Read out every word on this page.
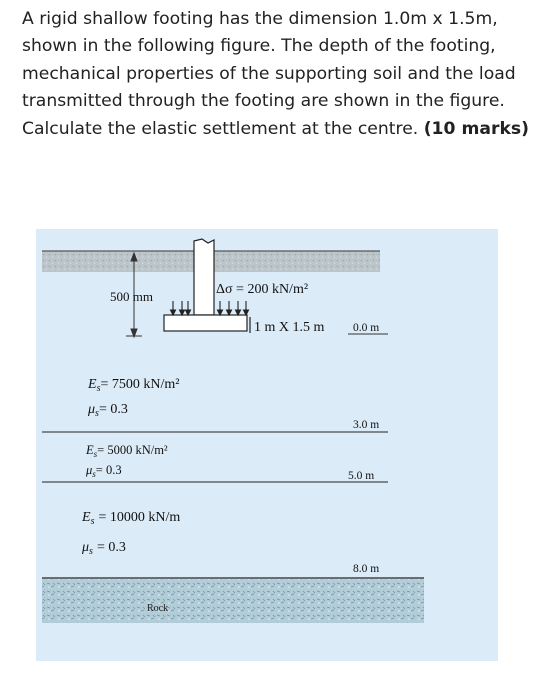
A rigid shallow footing has the dimension 1.0m x 1.5m, shown in the following figure. The depth of the footing, mechanical properties of the supporting soil and the load transmitted through the footing are shown in the figure. Calculate the elastic settlement at the centre. (10 marks)
500 mm	Δσ = 200 kN/m²
1 m X 1.5 m 0.0 m
3.0 m
5.0 m
8.0 m
$E_s= 7500$ kN/m²
$\mu_s= 0.3$
$E_s= 5000$ kN/m²
$\mu_s= 0.3$
$E_s = 10000$ kN/m
$\mu_s = 0.3$
Rock
